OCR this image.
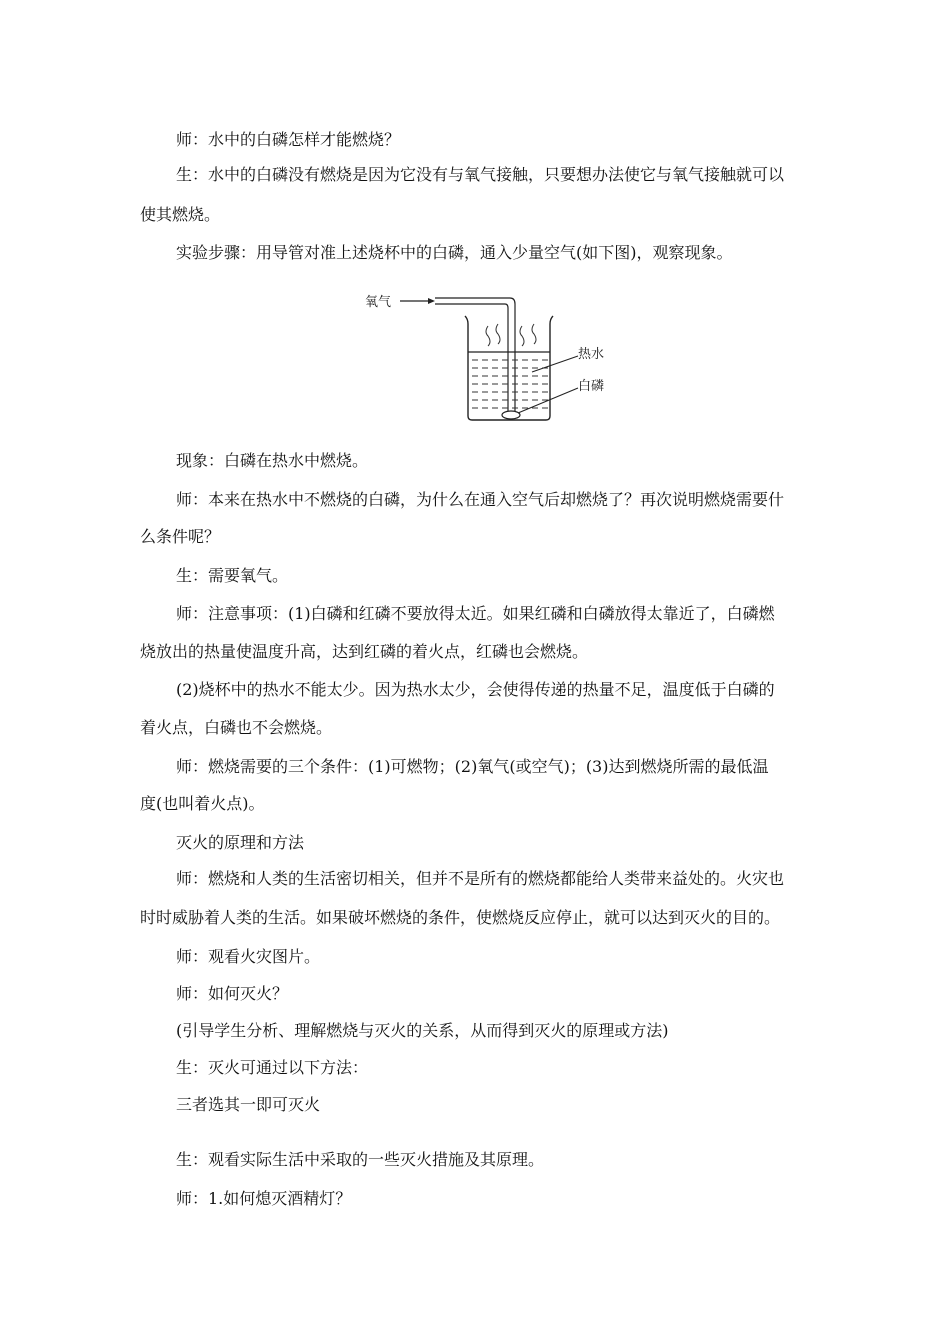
师：水中的白磷怎样才能燃烧？
生：水中的白磷没有燃烧是因为它没有与氧气接触，只要想办法使它与氧气接触就可以
使其燃烧。
实验步骤：用导管对准上述烧杯中的白磷，通入少量空气(如下图)，观察现象。
氧气
热水
白磷
现象：白磷在热水中燃烧。
师：本来在热水中不燃烧的白磷，为什么在通入空气后却燃烧了？再次说明燃烧需要什
么条件呢？
生：需要氧气。
师：注意事项：(1)白磷和红磷不要放得太近。如果红磷和白磷放得太靠近了，白磷燃
烧放出的热量使温度升高，达到红磷的着火点，红磷也会燃烧。
(2)烧杯中的热水不能太少。因为热水太少，会使得传递的热量不足，温度低于白磷的
着火点，白磷也不会燃烧。
师：燃烧需要的三个条件：(1)可燃物；(2)氧气(或空气)；(3)达到燃烧所需的最低温
度(也叫着火点)。
灭火的原理和方法
师：燃烧和人类的生活密切相关，但并不是所有的燃烧都能给人类带来益处的。火灾也
时时威胁着人类的生活。如果破坏燃烧的条件，使燃烧反应停止，就可以达到灭火的目的。
师：观看火灾图片。
师：如何灭火？
(引导学生分析、理解燃烧与灭火的关系，从而得到灭火的原理或方法)
生：灭火可通过以下方法：
三者选其一即可灭火
生：观看实际生活中采取的一些灭火措施及其原理。
师：1.如何熄灭酒精灯？
